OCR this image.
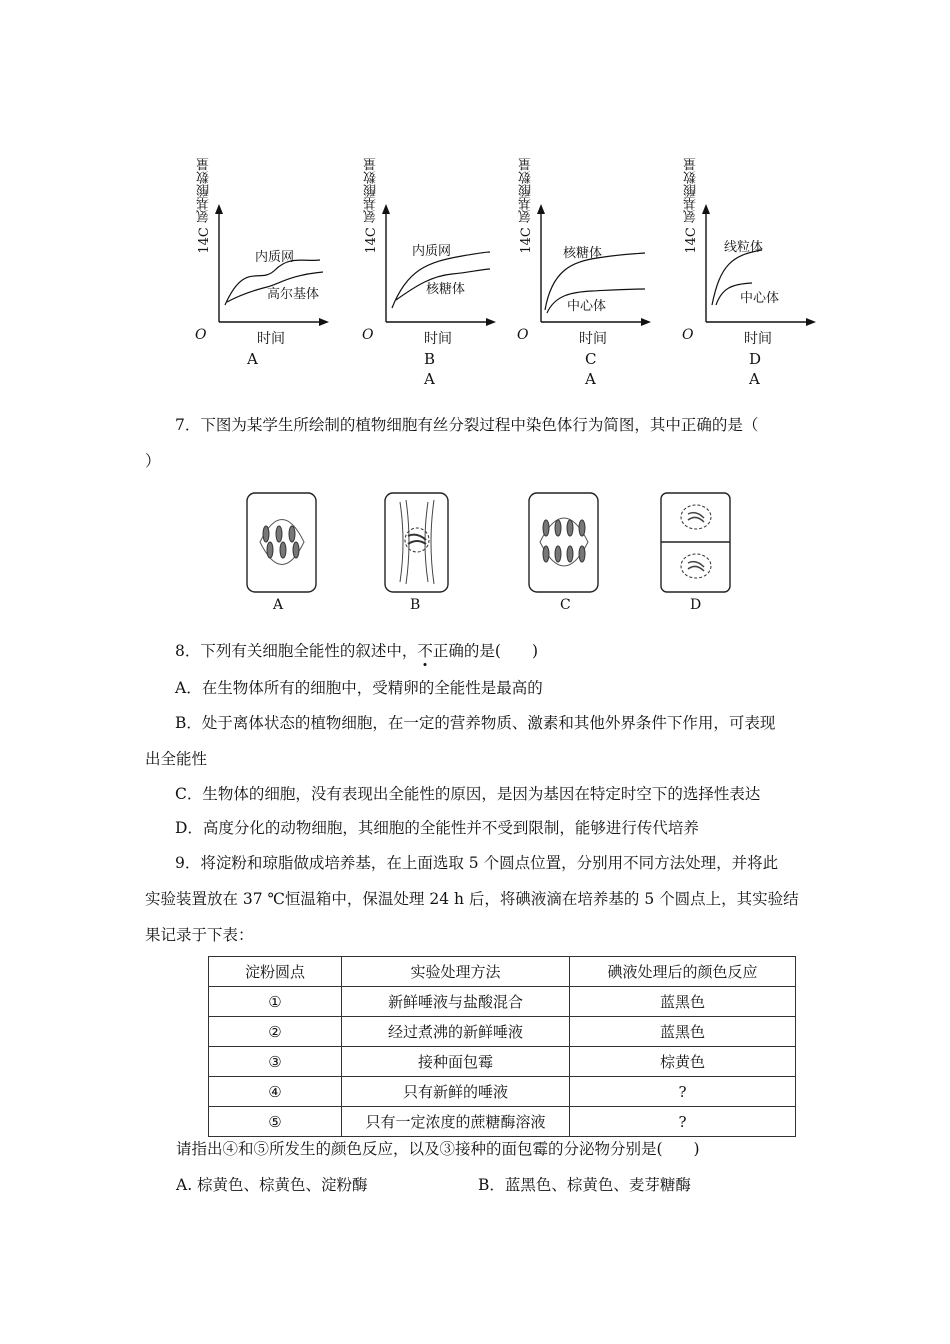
14C 氨基酸数量
内质网
高尔基体
O	时间
A
14C 氨基酸数量	内质网
核糖体
O	时间
B
A
14C 氨基酸数量 核糖体
中心体
O	时间
C
A
14C 氨基酸数量 线粒体
中心体
O	时间
D
A
7．下图为某学生所绘制的植物细胞有丝分裂过程中染色体行为简图，其中正确的是（
）
A	B	C	D
8．下列有关细胞全能性的叙述中，不正确的是(　　)
A．在生物体所有的细胞中，受精卵的全能性是最高的
B．处于离体状态的植物细胞，在一定的营养物质、激素和其他外界条件下作用，可表现
出全能性
C．生物体的细胞，没有表现出全能性的原因，是因为基因在特定时空下的选择性表达
D．高度分化的动物细胞，其细胞的全能性并不受到限制，能够进行传代培养
9．将淀粉和琼脂做成培养基，在上面选取 5 个圆点位置，分别用不同方法处理，并将此
实验装置放在 37 ℃恒温箱中，保温处理 24 h 后，将碘液滴在培养基的 5 个圆点上，其实验结
果记录于下表：
淀粉圆点	实验处理方法	碘液处理后的颜色反应
①	新鲜唾液与盐酸混合	蓝黑色
②	经过煮沸的新鲜唾液	蓝黑色
③	接种面包霉	棕黄色
④	只有新鲜的唾液	?
⑤	只有一定浓度的蔗糖酶溶液	?
请指出④和⑤所发生的颜色反应，以及③接种的面包霉的分泌物分别是(　　)
A. 棕黄色、棕黄色、淀粉酶	B．蓝黑色、棕黄色、麦芽糖酶
